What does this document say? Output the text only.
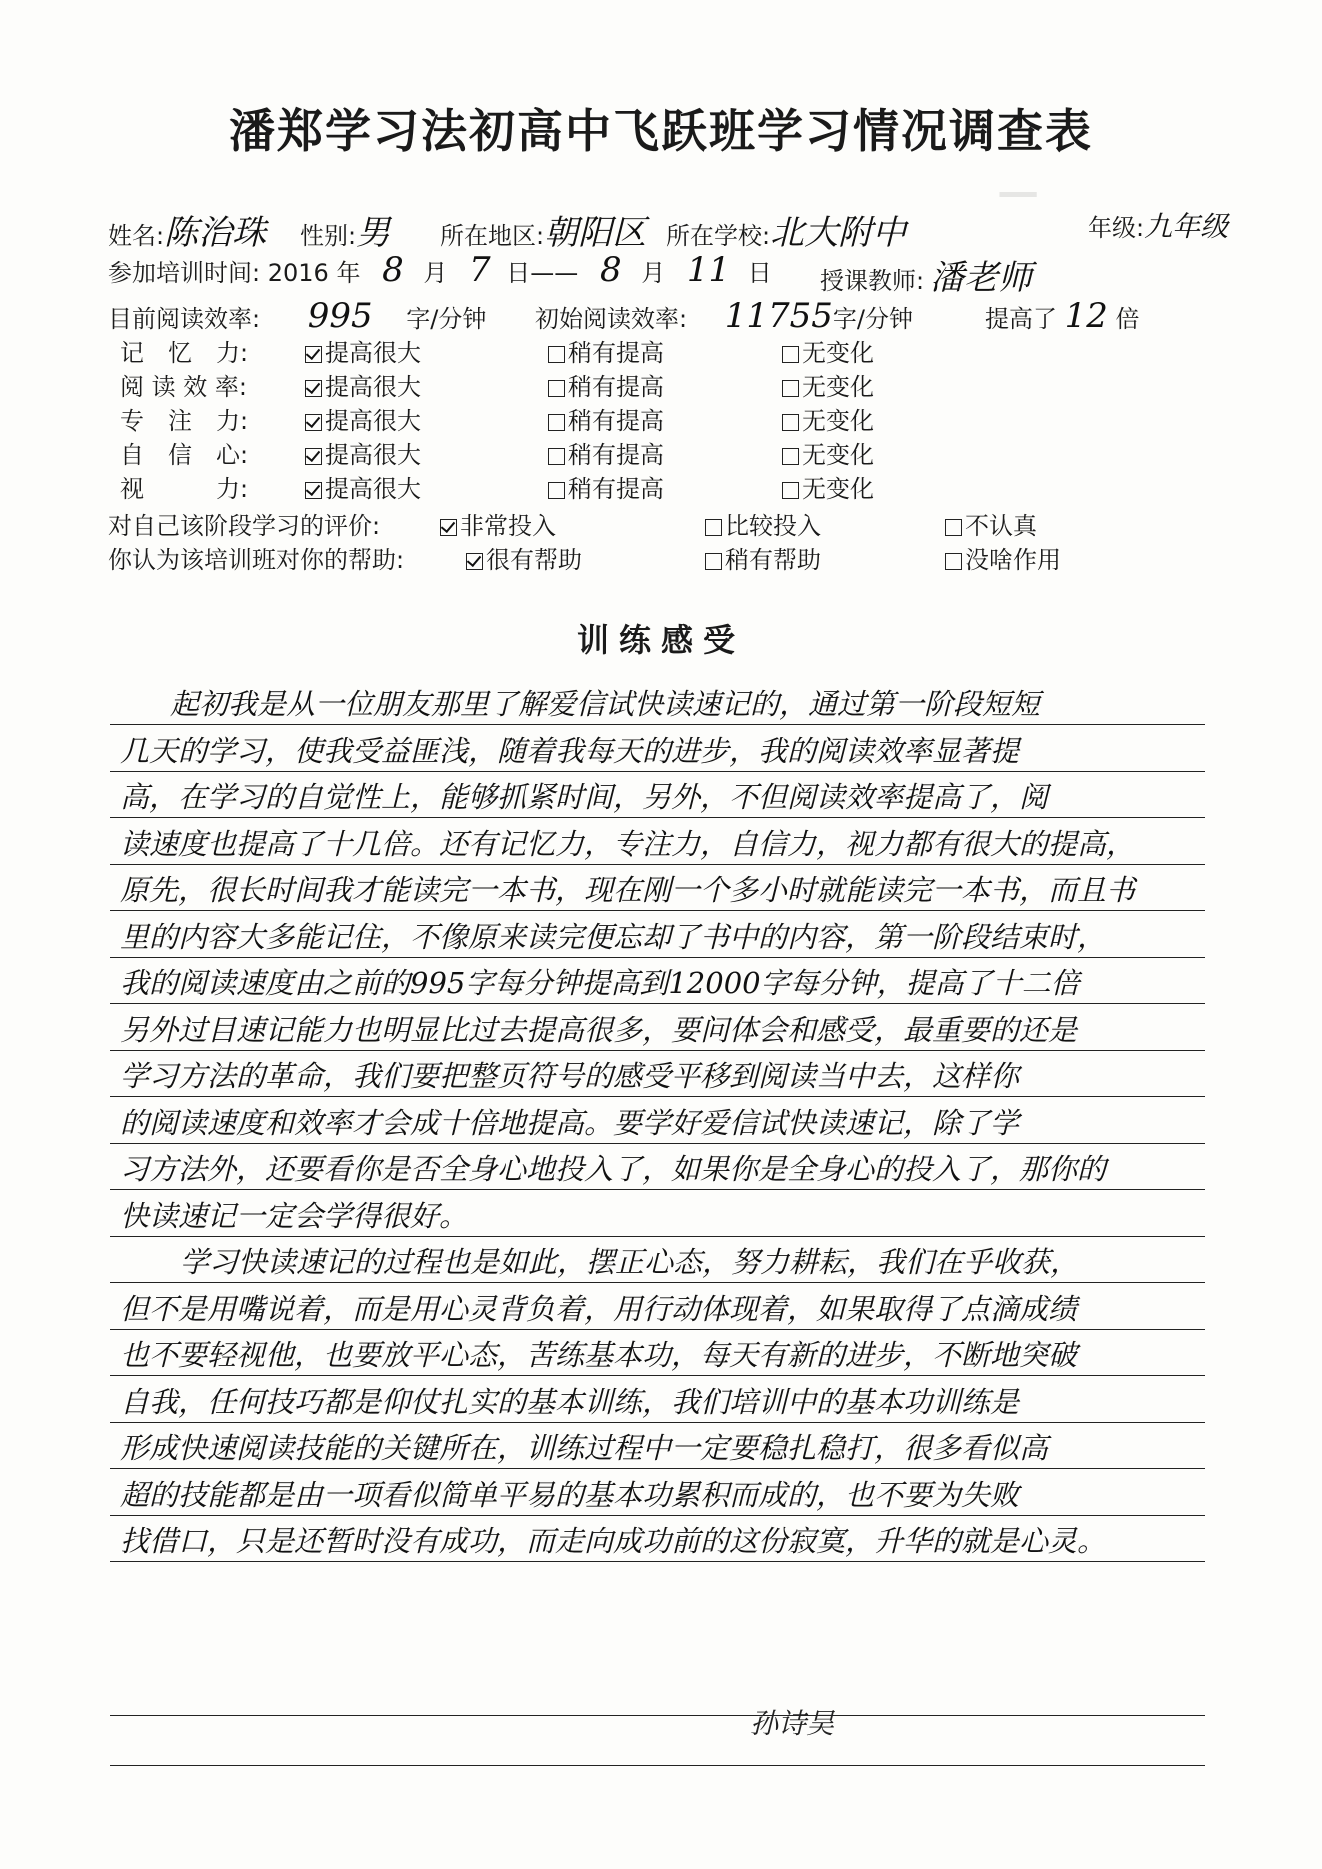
─
潘郑学习法初高中飞跃班学习情况调查表
姓名:陈治珠 性别:男 所在地区:朝阳区 所在学校:北大附中	年级:九年级
参加培训时间: 2016 年 8 月 7 日—— 8 月 11 日 授课教师: 潘老师
目前阅读效率: 995 字/分钟 初始阅读效率: 11755字/分钟	提高了 12 倍
记　忆　力:	提高很大	稍有提高	无变化
阅 读 效 率:	提高很大	稍有提高	无变化
专　注　力:	提高很大	稍有提高	无变化
自　信　心:	提高很大	稍有提高	无变化
视　　　力:	提高很大	稍有提高	无变化
对自己该阶段学习的评价:	非常投入	比较投入	不认真
你认为该培训班对你的帮助:	很有帮助	稍有帮助	没啥作用
训练感受
起初我是从一位朋友那里了解爱信试快读速记的，通过第一阶段短短
几天的学习，使我受益匪浅，随着我每天的进步，我的阅读效率显著提
高，在学习的自觉性上，能够抓紧时间，另外，不但阅读效率提高了，阅
读速度也提高了十几倍。还有记忆力，专注力，自信力，视力都有很大的提高，
原先，很长时间我才能读完一本书，现在刚一个多小时就能读完一本书，而且书
里的内容大多能记住，不像原来读完便忘却了书中的内容，第一阶段结束时，
我的阅读速度由之前的995字每分钟提高到12000字每分钟，提高了十二倍
另外过目速记能力也明显比过去提高很多，要问体会和感受，最重要的还是
学习方法的革命，我们要把整页符号的感受平移到阅读当中去，这样你
的阅读速度和效率才会成十倍地提高。要学好爱信试快读速记，除了学
习方法外，还要看你是否全身心地投入了，如果你是全身心的投入了，那你的
快读速记一定会学得很好。
学习快读速记的过程也是如此，摆正心态，努力耕耘，我们在乎收获，
但不是用嘴说着，而是用心灵背负着，用行动体现着，如果取得了点滴成绩
也不要轻视他，也要放平心态，苦练基本功，每天有新的进步，不断地突破
自我，任何技巧都是仰仗扎实的基本训练，我们培训中的基本功训练是
形成快速阅读技能的关键所在，训练过程中一定要稳扎稳打，很多看似高
超的技能都是由一项看似简单平易的基本功累积而成的，也不要为失败
找借口，只是还暂时没有成功，而走向成功前的这份寂寞，升华的就是心灵。
孙诗昊
